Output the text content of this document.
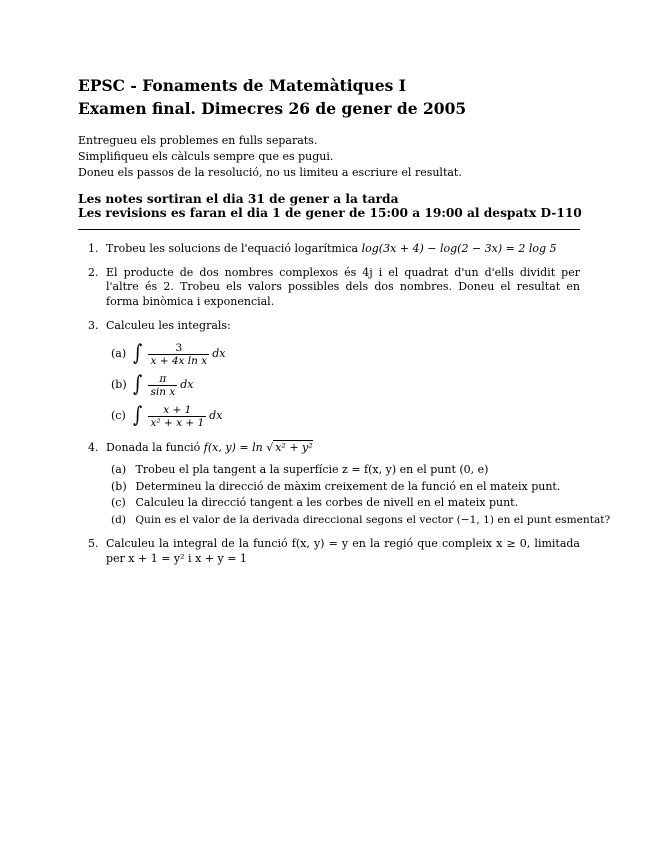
EPSC - Fonaments de Matemàtiques I
Examen final. Dimecres 26 de gener de 2005
Entregueu els problemes en fulls separats.
Simplifiqueu els càlculs sempre que es pugui.
Doneu els passos de la resolució, no us limiteu a escriure el resultat.
Les notes sortiran el dia 31 de gener a la tarda
Les revisions es faran el dia 1 de gener de 15:00 a 19:00 al despatx D-110
1. Trobeu les solucions de l'equació logarítmica log(3x + 4) − log(2 − 3x) = 2 log 5
2. El producte de dos nombres complexos és 4j i el quadrat d'un d'ells dividit per l'altre és 2. Trobeu els valors possibles dels dos nombres. Doneu el resultat en forma binòmica i exponencial.
3. Calculeu les integrals:
(a) ∫ $\frac{3}{\text{x + 4x ln x}}$ dx
(b) ∫ $\frac{\pi}{\text{sin x}}$ dx
(c) ∫ $\frac{x + 1}{\text{x² + x + 1}}$ dx
4. Donada la funció f(x, y) = ln √ x² + y²
(a) Trobeu el pla tangent a la superfície z = f(x, y) en el punt (0, e)
(b) Determineu la direcció de màxim creixement de la funció en el mateix punt.
(c) Calculeu la direcció tangent a les corbes de nivell en el mateix punt.
(d) Quin es el valor de la derivada direccional segons el vector (−1, 1) en el punt esmentat?
5. Calculeu la integral de la funció f(x, y) = y en la regió que compleix x ≥ 0, limitada per x + 1 = y² i x + y = 1
